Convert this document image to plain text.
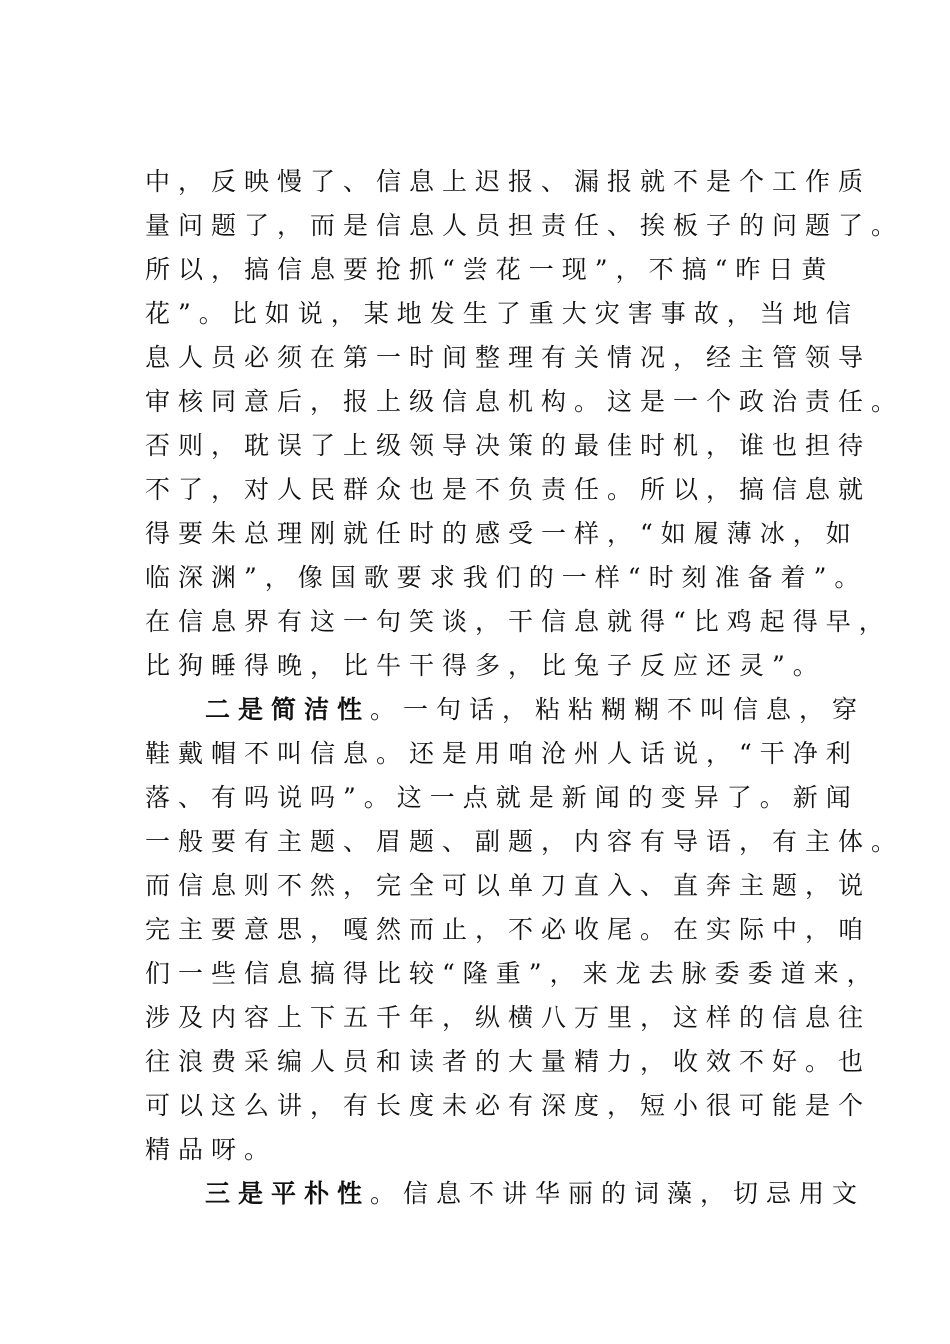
中，反映慢了、信息上迟报、漏报就不是个工作质
量问题了，而是信息人员担责任、挨板子的问题了。
所以，搞信息要抢抓“尝花一现”，不搞“昨日黄
花”。比如说，某地发生了重大灾害事故，当地信
息人员必须在第一时间整理有关情况，经主管领导
审核同意后，报上级信息机构。这是一个政治责任。
否则，耽误了上级领导决策的最佳时机，谁也担待
不了，对人民群众也是不负责任。所以，搞信息就
得要朱总理刚就任时的感受一样，“如履薄冰，如
临深渊”，像国歌要求我们的一样“时刻准备着”。
在信息界有这一句笑谈，干信息就得“比鸡起得早，
比狗睡得晚，比牛干得多，比兔子反应还灵”。
二是简洁性。一句话，粘粘糊糊不叫信息，穿
鞋戴帽不叫信息。还是用咱沧州人话说，“干净利
落、有吗说吗”。这一点就是新闻的变异了。新闻
一般要有主题、眉题、副题，内容有导语，有主体。
而信息则不然，完全可以单刀直入、直奔主题，说
完主要意思，嘎然而止，不必收尾。在实际中，咱
们一些信息搞得比较“隆重”，来龙去脉委委道来，
涉及内容上下五千年，纵横八万里，这样的信息往
往浪费采编人员和读者的大量精力，收效不好。也
可以这么讲，有长度未必有深度，短小很可能是个
精品呀。
三是平朴性。信息不讲华丽的词藻，切忌用文
